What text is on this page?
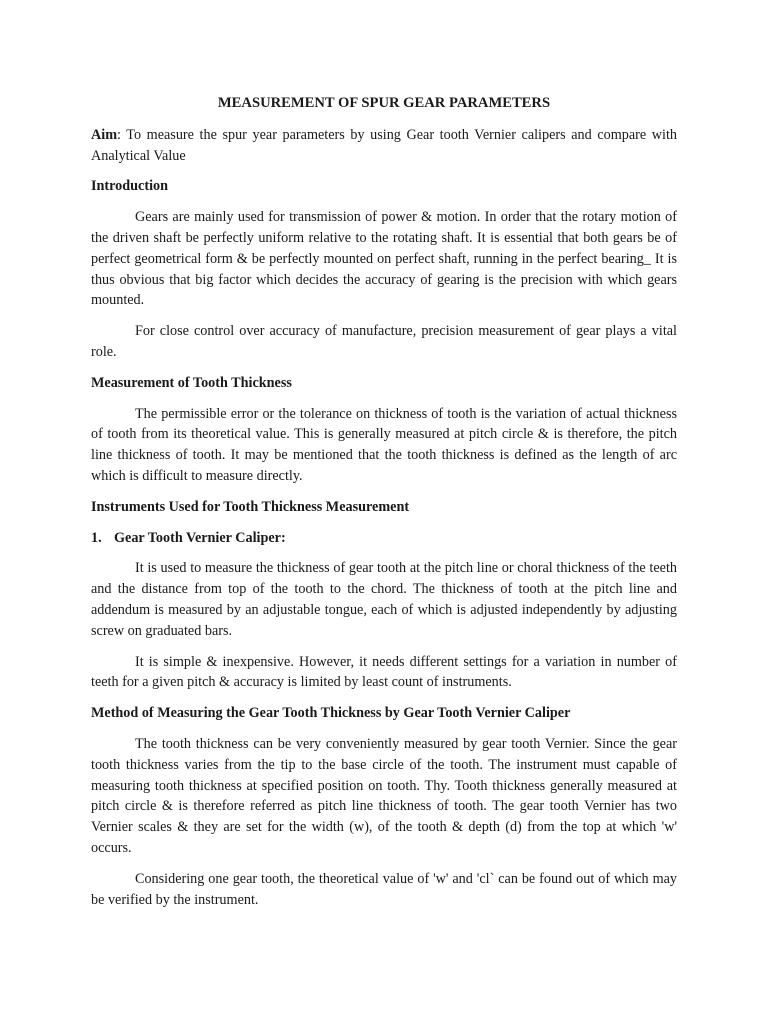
MEASUREMENT OF SPUR GEAR PARAMETERS

Aim: To measure the spur year parameters by using Gear tooth Vernier calipers and compare with Analytical Value

Introduction

Gears are mainly used for transmission of power & motion. In order that the rotary motion of the driven shaft be perfectly uniform relative to the rotating shaft. It is essential that both gears be of perfect geometrical form & be perfectly mounted on perfect shaft, running in the perfect bearing_ It is thus obvious that big factor which decides the accuracy of gearing is the precision with which gears mounted.

For close control over accuracy of manufacture, precision measurement of gear plays a vital role.

Measurement of Tooth Thickness

The permissible error or the tolerance on thickness of tooth is the variation of actual thickness of tooth from its theoretical value. This is generally measured at pitch circle & is therefore, the pitch line thickness of tooth. It may be mentioned that the tooth thickness is defined as the length of arc which is difficult to measure directly.

Instruments Used for Tooth Thickness Measurement
1. Gear Tooth Vernier Caliper:

It is used to measure the thickness of gear tooth at the pitch line or choral thickness of the teeth and the distance from top of the tooth to the chord. The thickness of tooth at the pitch line and addendum is measured by an adjustable tongue, each of which is adjusted independently by adjusting screw on graduated bars.

It is simple & inexpensive. However, it needs different settings for a variation in number of teeth for a given pitch & accuracy is limited by least count of instruments.

Method of Measuring the Gear Tooth Thickness by Gear Tooth Vernier Caliper

The tooth thickness can be very conveniently measured by gear tooth Vernier. Since the gear tooth thickness varies from the tip to the base circle of the tooth. The instrument must capable of measuring tooth thickness at specified position on tooth. Thy. Tooth thickness generally measured at pitch circle & is therefore referred as pitch line thickness of tooth. The gear tooth Vernier has two Vernier scales & they are set for the width (w), of the tooth & depth (d) from the top at which 'w' occurs.

Considering one gear tooth, the theoretical value of 'w' and 'cl` can be found out of which may be verified by the instrument.
